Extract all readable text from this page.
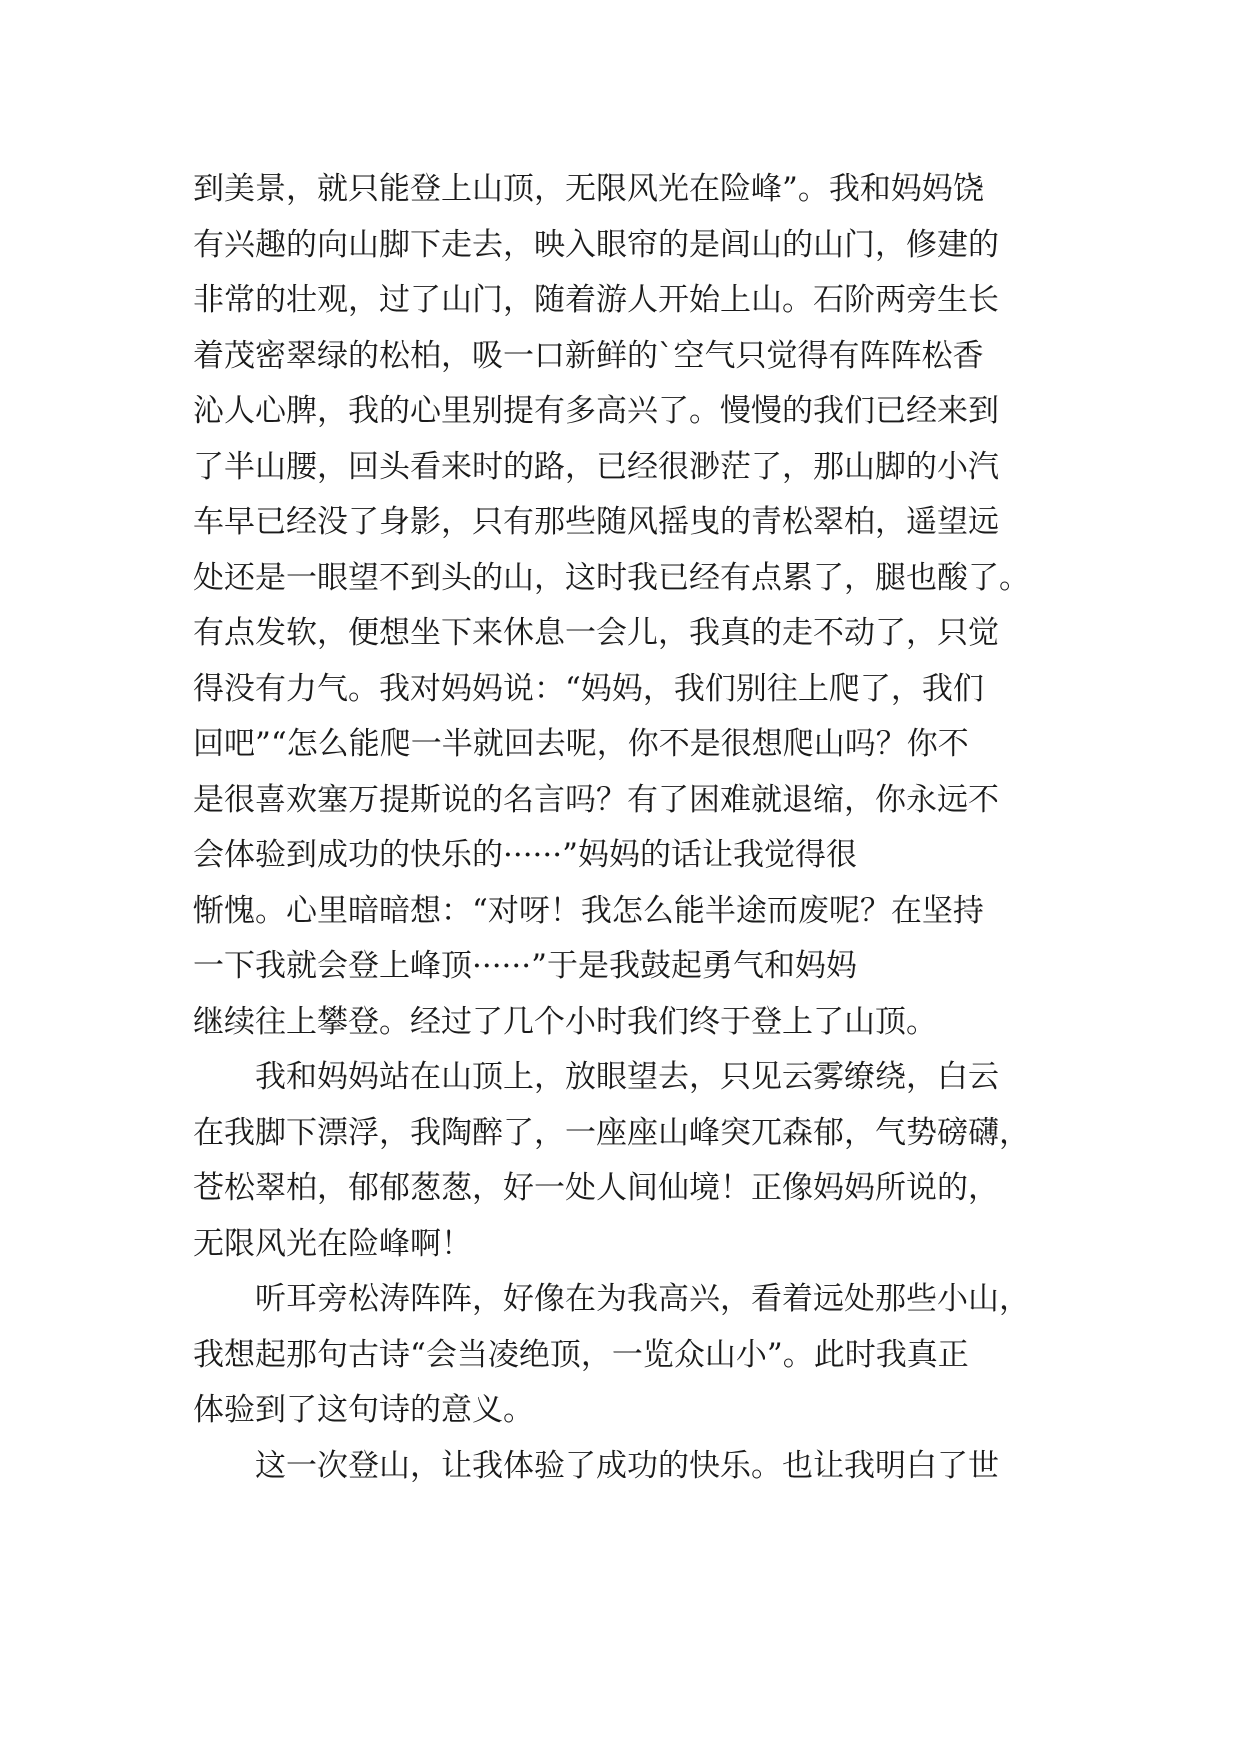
到美景，就只能登上山顶，无限风光在险峰”。我和妈妈饶
有兴趣的向山脚下走去，映入眼帘的是闾山的山门，修建的
非常的壮观，过了山门，随着游人开始上山。石阶两旁生长
着茂密翠绿的松柏，吸一口新鲜的`空气只觉得有阵阵松香
沁人心脾，我的心里别提有多高兴了。慢慢的我们已经来到
了半山腰，回头看来时的路，已经很渺茫了，那山脚的小汽
车早已经没了身影，只有那些随风摇曳的青松翠柏，遥望远
处还是一眼望不到头的山，这时我已经有点累了，腿也酸了。
有点发软，便想坐下来休息一会儿，我真的走不动了，只觉
得没有力气。我对妈妈说：“妈妈，我们别往上爬了，我们
回吧”“怎么能爬一半就回去呢，你不是很想爬山吗？你不
是很喜欢塞万提斯说的名言吗？有了困难就退缩，你永远不
会体验到成功的快乐的······”妈妈的话让我觉得很
惭愧。心里暗暗想：“对呀！我怎么能半途而废呢？在坚持
一下我就会登上峰顶······”于是我鼓起勇气和妈妈
继续往上攀登。经过了几个小时我们终于登上了山顶。
我和妈妈站在山顶上，放眼望去，只见云雾缭绕，白云
在我脚下漂浮，我陶醉了，一座座山峰突兀森郁，气势磅礴，
苍松翠柏，郁郁葱葱，好一处人间仙境！正像妈妈所说的，
无限风光在险峰啊！
听耳旁松涛阵阵，好像在为我高兴，看着远处那些小山，
我想起那句古诗“会当凌绝顶，一览众山小”。此时我真正
体验到了这句诗的意义。
这一次登山，让我体验了成功的快乐。也让我明白了世
